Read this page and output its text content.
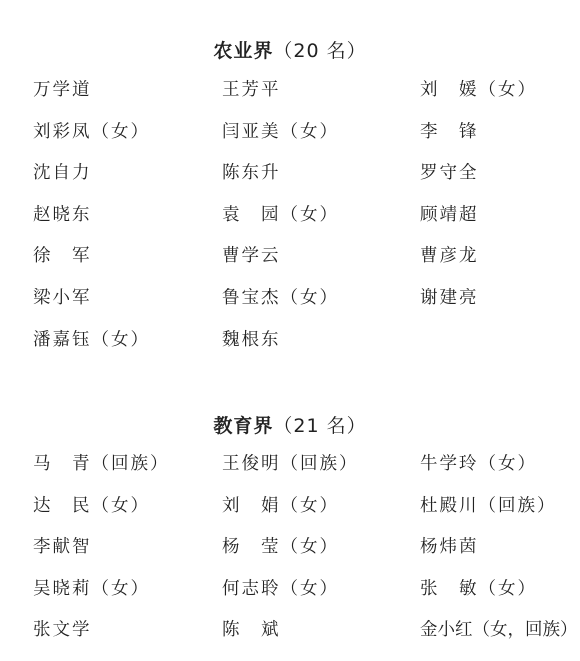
农业界（20 名）
万学道	王芳平	刘　媛（女）
刘彩凤（女）	闫亚美（女）	李　锋
沈自力	陈东升	罗守全
赵晓东	袁　园（女）	顾靖超
徐　军	曹学云	曹彦龙
梁小军	鲁宝杰（女）	谢建亮
潘嘉钰（女）	魏根东
教育界（21 名）
马　青（回族）	王俊明（回族）	牛学玲（女）
达　民（女）	刘　娟（女）	杜殿川（回族）
李献智	杨　莹（女）	杨炜茵
吴晓莉（女）	何志聆（女）	张　敏（女）
张文学	陈　斌	金小红（女，回族）
